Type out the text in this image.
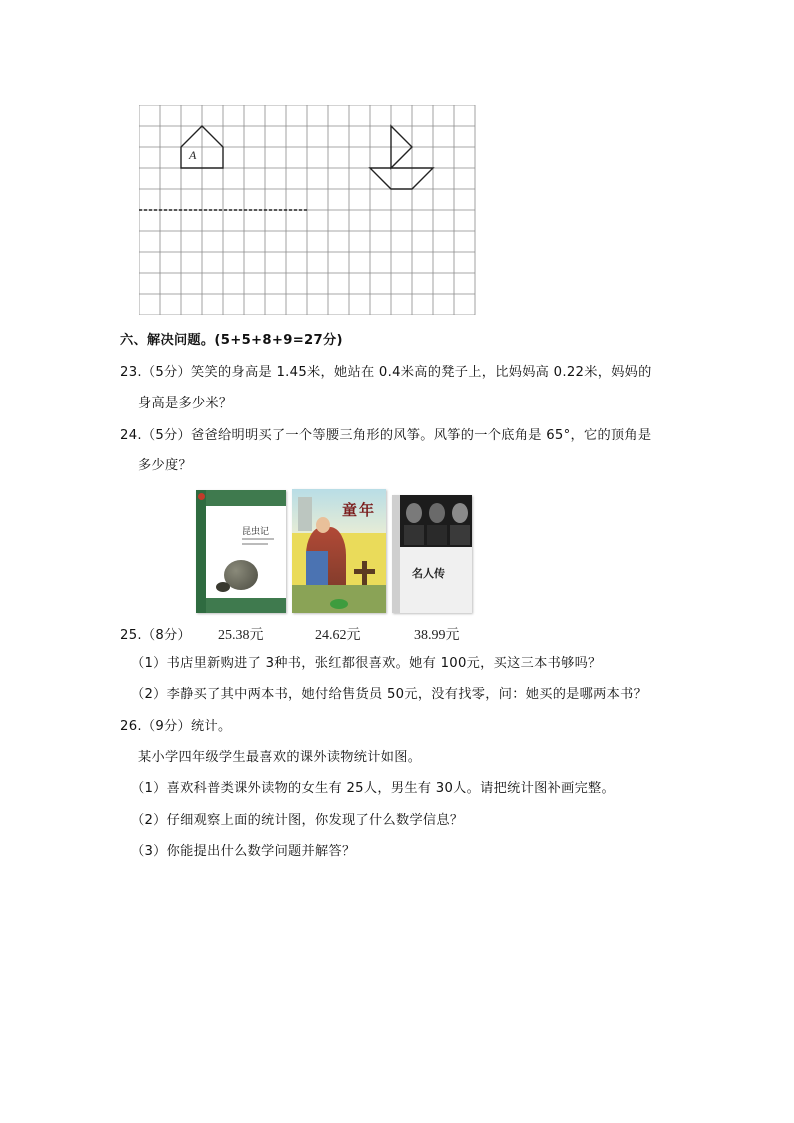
A
六、解决问题。(5+5+8+9=27分)
23.（5分）笑笑的身高是 1.45米，她站在 0.4米高的凳子上，比妈妈高 0.22米，妈妈的
身高是多少米？
24.（5分）爸爸给明明买了一个等腰三角形的风筝。风筝的一个底角是 65°，它的顶角是
多少度？
昆虫记
童年
名人传
25.（8分） 25.38元	24.62元	38.99元
（1）书店里新购进了 3种书，张红都很喜欢。她有 100元，买这三本书够吗？
（2）李静买了其中两本书，她付给售货员 50元，没有找零，问：她买的是哪两本书？
26.（9分）统计。
某小学四年级学生最喜欢的课外读物统计如图。
（1）喜欢科普类课外读物的女生有 25人，男生有 30人。请把统计图补画完整。
（2）仔细观察上面的统计图，你发现了什么数学信息？
（3）你能提出什么数学问题并解答？
